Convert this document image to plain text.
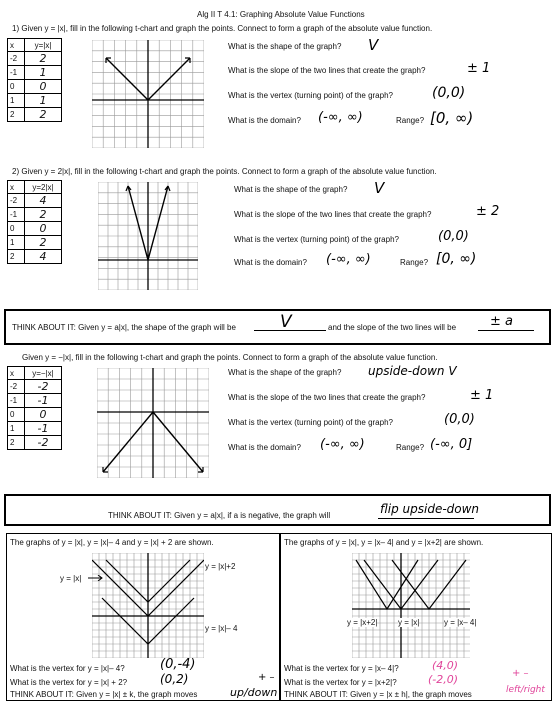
Alg II T 4.1: Graphing Absolute Value Functions
1) Given y = |x|, fill in the following t-chart and graph the points. Connect to form a graph of the absolute value function.
x	y=|x|
-2	2
-1	1
0	0
1	1
2	2
What is the shape of the graph? V
What is the slope of the two lines that create the graph?	± 1
What is the vertex (turning point) of the graph?	(0,0)
What is the domain? (-∞, ∞)	Range? [0, ∞)
2) Given y = 2|x|, fill in the following t-chart and graph the points. Connect to form a graph of the absolute value function.
x	y=2|x|
-2	4
-1	2
0	0
1	2
2	4
What is the shape of the graph? V
What is the slope of the two lines that create the graph?	± 2
What is the vertex (turning point) of the graph?	(0,0)
What is the domain? (-∞, ∞)	Range? [0, ∞)
THINK ABOUT IT: Given y = a|x|, the shape of the graph will be	V	and the slope of the two lines will be	± a
Given y = −|x|, fill in the following t-chart and graph the points. Connect to form a graph of the absolute value function.
x	y=−|x|
-2	-2
-1	-1
0	0
1	-1
2	-2
What is the shape of the graph? upside-down V
What is the slope of the two lines that create the graph?	± 1
What is the vertex (turning point) of the graph?	(0,0)
What is the domain? (-∞, ∞)	Range? (-∞, 0]
THINK ABOUT IT: Given y = a|x|, if a is negative, the graph will	flip upside-down
The graphs of y = |x|, y = |x|– 4 and y = |x| + 2 are shown.
y = |x|
y = |x|+2
y = |x|– 4
What is the vertex for y = |x|– 4?	(0,-4)
What is the vertex for y = |x| + 2?	(0,2)	+ –
THINK ABOUT IT: Given y = |x| ± k, the graph moves	up/down
The graphs of y = |x|, y = |x– 4| and y = |x+2| are shown.
y = |x+2|	y = |x|	y = |x– 4|
What is the vertex for y = |x– 4|?	(4,0)
What is the vertex for y = |x+2|?	(-2,0)	+ –
THINK ABOUT IT: Given y = |x ± h|, the graph moves	left/right
